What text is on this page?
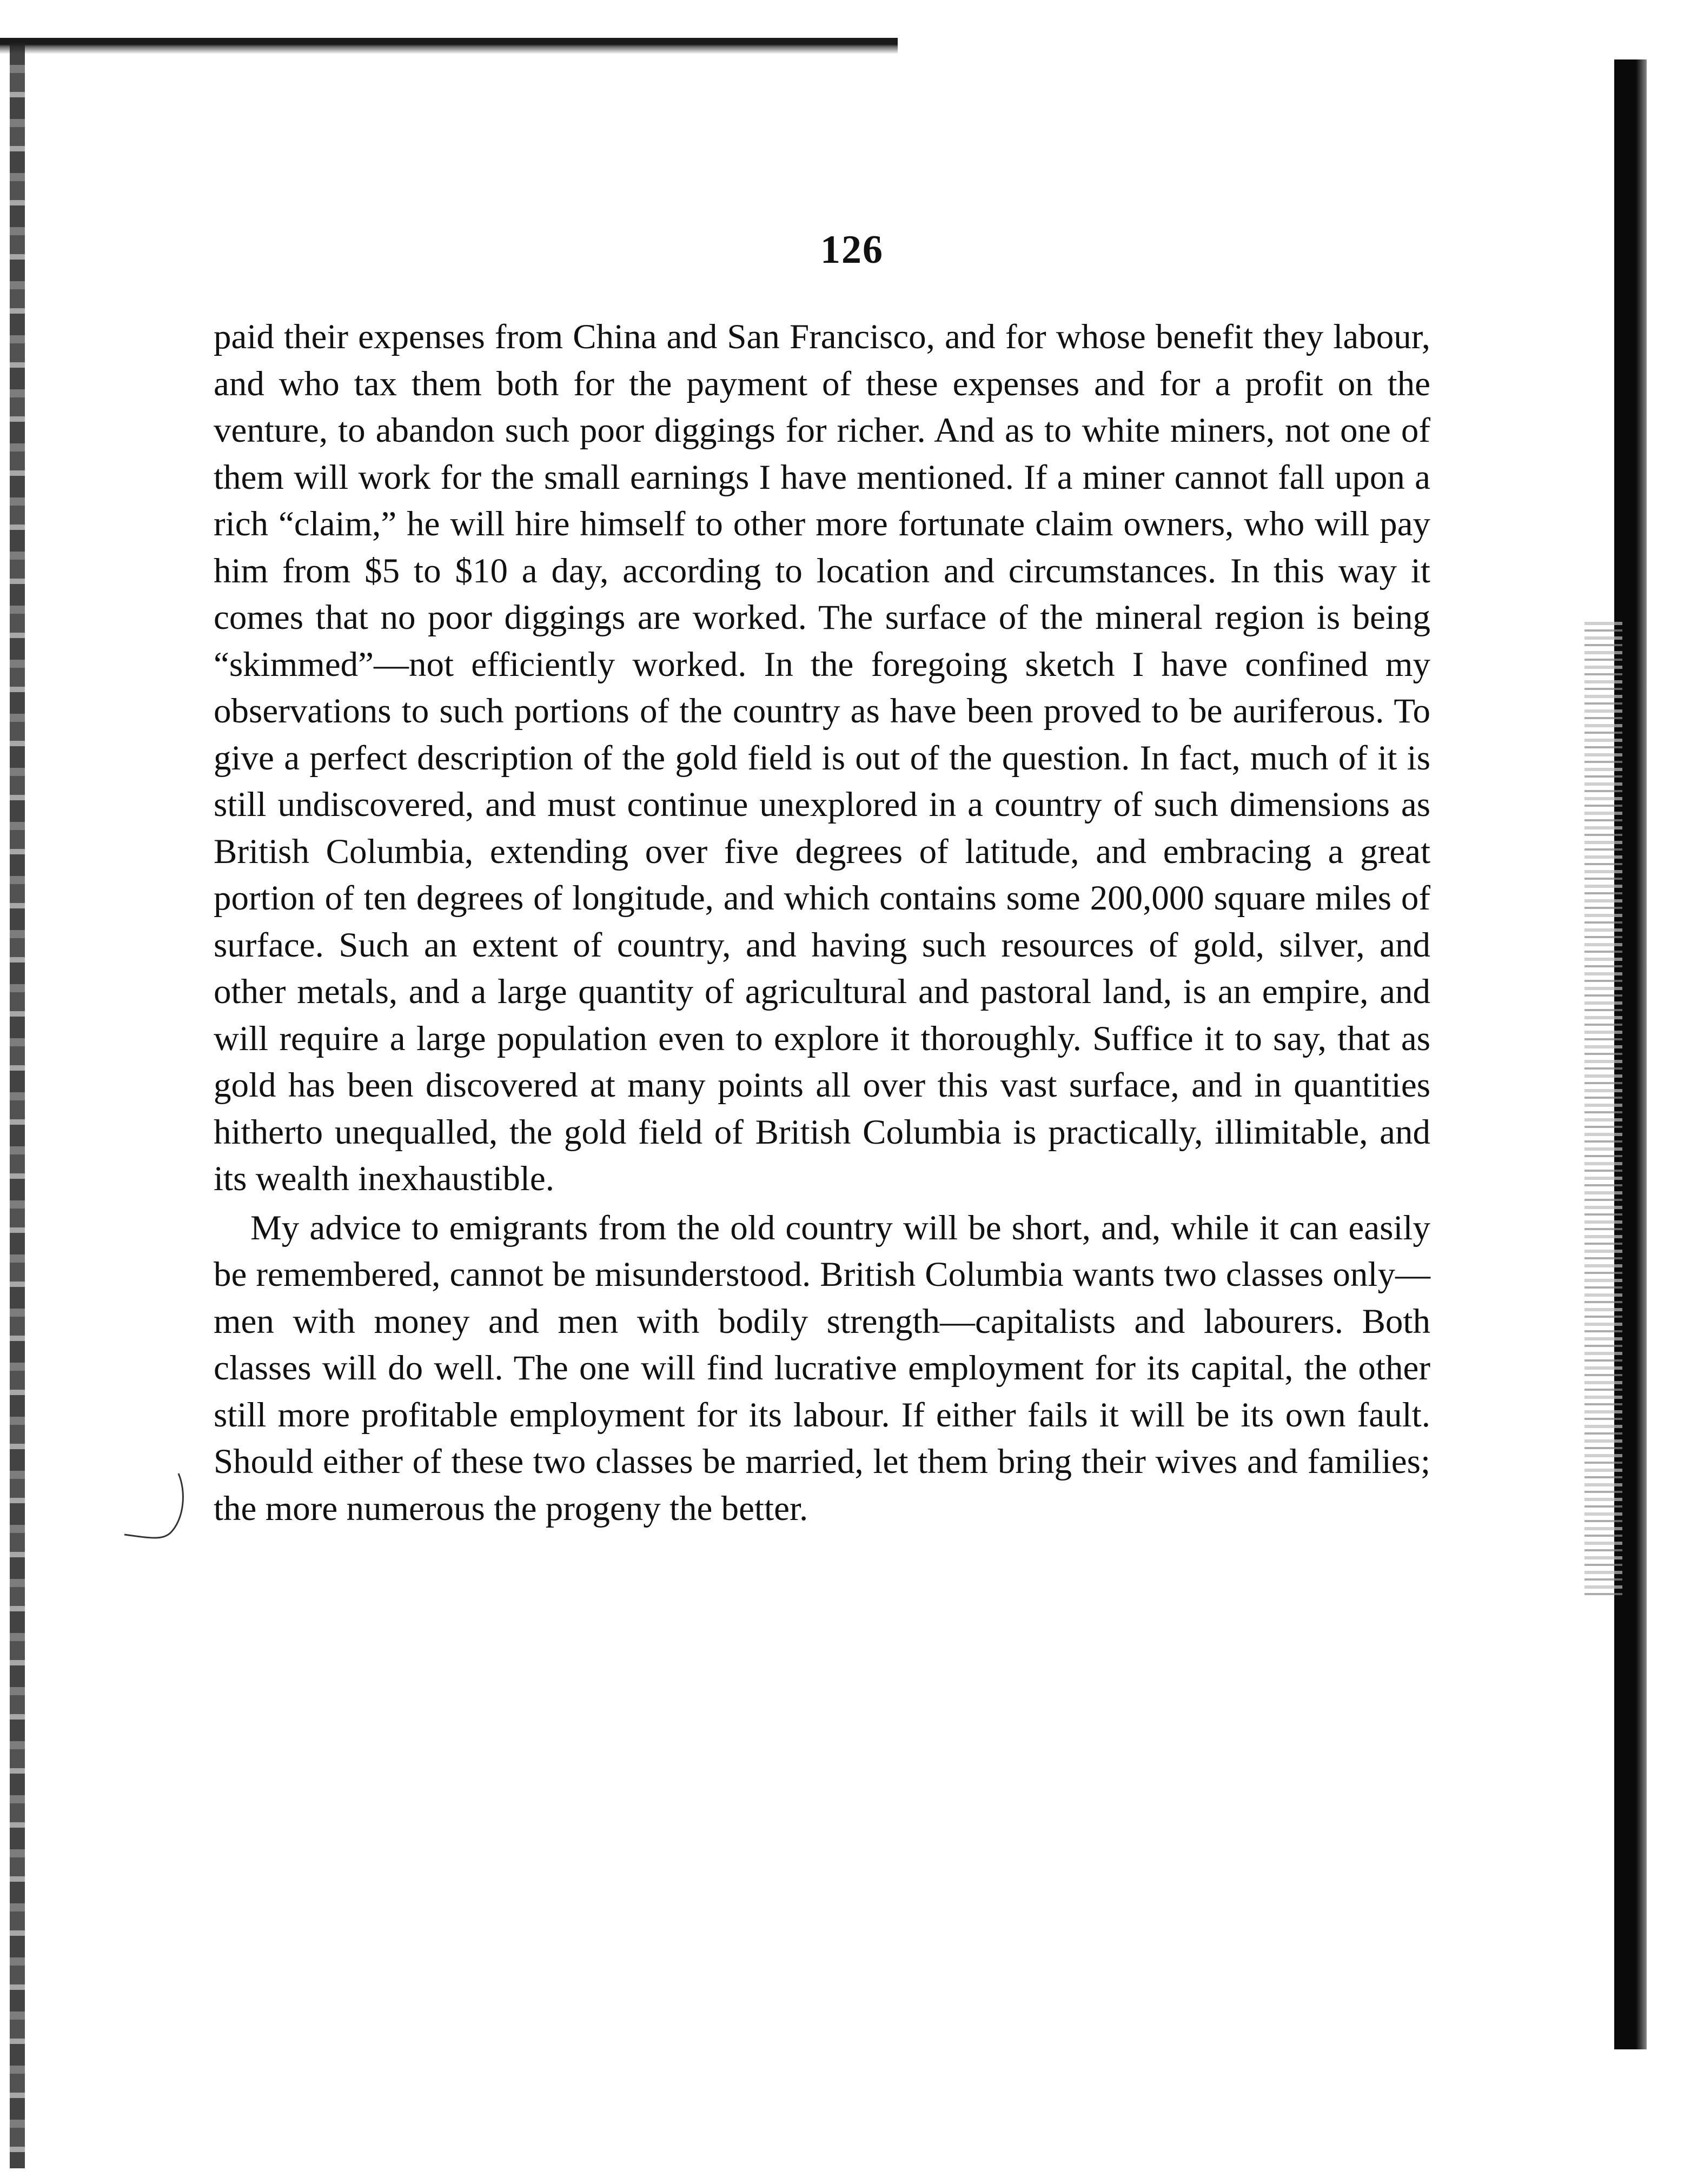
126

paid their expenses from China and San Francisco, and for whose benefit they labour, and who tax them both for the payment of these expenses and for a profit on the venture, to abandon such poor diggings for richer. And as to white miners, not one of them will work for the small earnings I have mentioned. If a miner cannot fall upon a rich “claim,” he will hire himself to other more fortunate claim owners, who will pay him from $5 to $10 a day, according to location and circumstances. In this way it comes that no poor diggings are worked. The surface of the mineral region is being “skimmed”—not efficiently worked. In the foregoing sketch I have confined my observations to such portions of the country as have been proved to be auriferous. To give a perfect description of the gold field is out of the question. In fact, much of it is still undiscovered, and must continue unexplored in a country of such dimensions as British Columbia, extending over five degrees of latitude, and embracing a great portion of ten degrees of longitude, and which contains some 200,000 square miles of surface. Such an extent of country, and having such resources of gold, silver, and other metals, and a large quantity of agricultural and pastoral land, is an empire, and will require a large population even to explore it thoroughly. Suffice it to say, that as gold has been discovered at many points all over this vast surface, and in quantities hitherto unequalled, the gold field of British Columbia is practically, illimitable, and its wealth inexhaustible.

My advice to emigrants from the old country will be short, and, while it can easily be remembered, cannot be misunderstood. British Columbia wants two classes only—men with money and men with bodily strength—capitalists and labourers. Both classes will do well. The one will find lucrative employment for its capital, the other still more profitable employment for its labour. If either fails it will be its own fault. Should either of these two classes be married, let them bring their wives and families; the more numerous the progeny the better.
